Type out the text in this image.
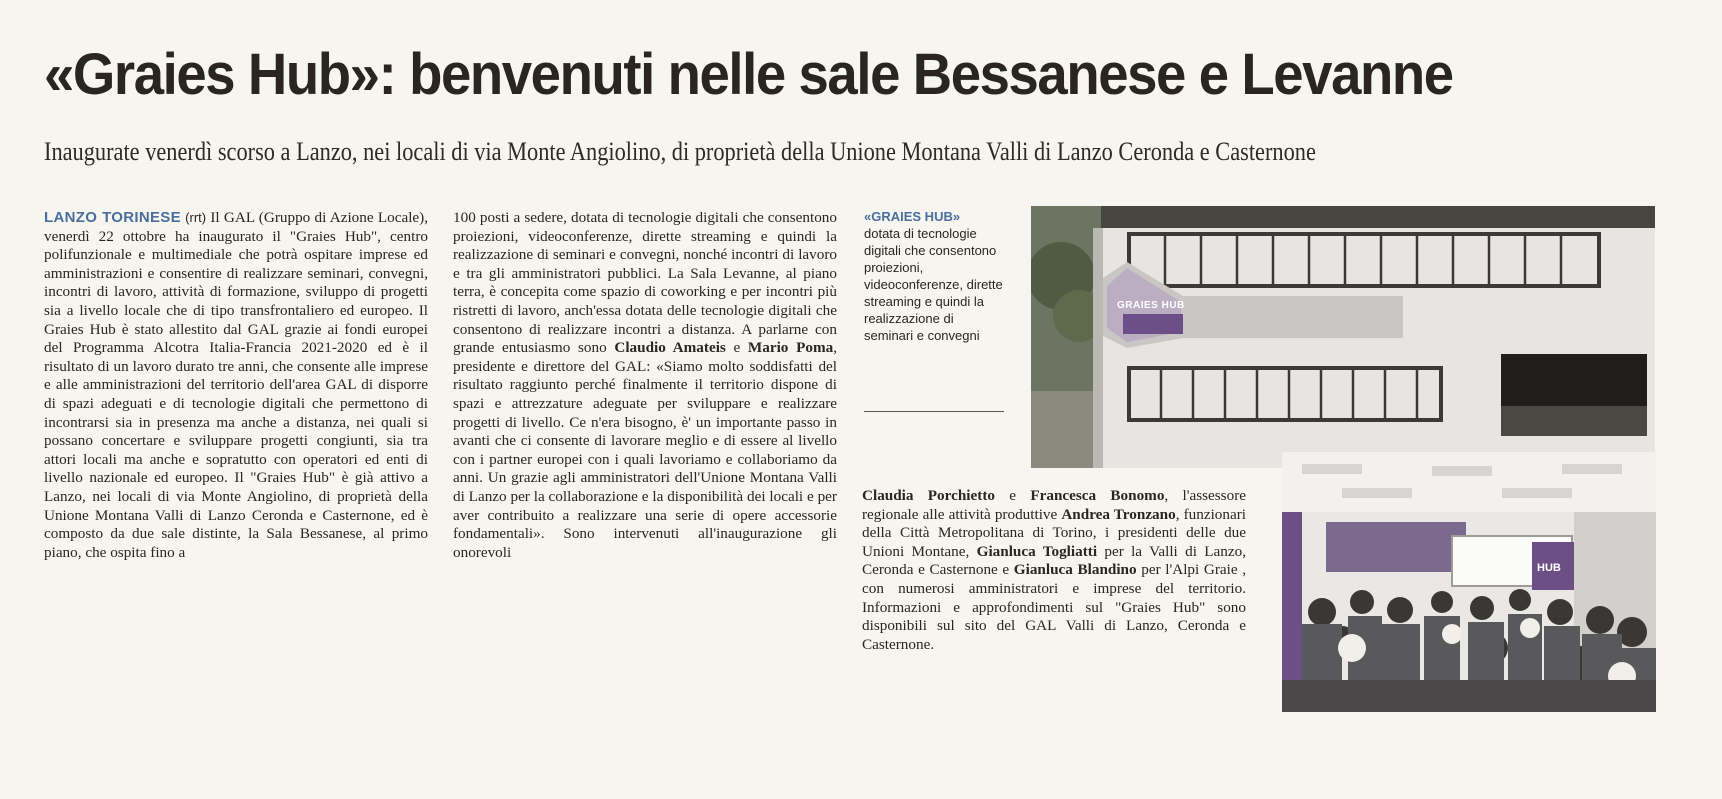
«Graies Hub»: benvenuti nelle sale Bessanese e Levanne

Inaugurate venerdì scorso a Lanzo, nei locali di via Monte Angiolino, di proprietà della Unione Montana Valli di Lanzo Ceronda e Casternone

LANZO TORINESE (rrt) Il GAL (Gruppo di Azione Locale), venerdì 22 ottobre ha inaugurato il "Graies Hub", centro polifunzionale e multimediale che potrà ospitare imprese ed amministrazioni e consentire di realizzare seminari, convegni, incontri di lavoro, attività di formazione, sviluppo di progetti sia a livello locale che di tipo transfrontaliero ed europeo. Il Graies Hub è stato allestito dal GAL grazie ai fondi europei del Programma Alcotra Italia-Francia 2021-2020 ed è il risultato di un lavoro durato tre anni, che consente alle imprese e alle amministrazioni del territorio dell'area GAL di disporre di spazi adeguati e di tecnologie digitali che permettono di incontrarsi sia in presenza ma anche a distanza, nei quali si possano concertare e sviluppare progetti congiunti, sia tra attori locali ma anche e sopratutto con operatori ed enti di livello nazionale ed europeo. Il "Graies Hub" è già attivo a Lanzo, nei locali di via Monte Angiolino, di proprietà della Unione Montana Valli di Lanzo Ceronda e Casternone, ed è composto da due sale distinte, la Sala Bessanese, al primo piano, che ospita fino a

100 posti a sedere, dotata di tecnologie digitali che consentono proiezioni, videoconferenze, dirette streaming e quindi la realizzazione di seminari e convegni, nonché incontri di lavoro e tra gli amministratori pubblici. La Sala Levanne, al piano terra, è concepita come spazio di coworking e per incontri più ristretti di lavoro, anch'essa dotata delle tecnologie digitali che consentono di realizzare incontri a distanza. A parlarne con grande entusiasmo sono Claudio Amateis e Mario Poma, presidente e direttore del GAL: «Siamo molto soddisfatti del risultato raggiunto perché finalmente il territorio dispone di spazi e attrezzature adeguate per sviluppare e realizzare progetti di livello. Ce n'era bisogno, è' un importante passo in avanti che ci consente di lavorare meglio e di essere al livello con i partner europei con i quali lavoriamo e collaboriamo da anni. Un grazie agli amministratori dell'Unione Montana Valli di Lanzo per la collaborazione e la disponibilità dei locali e per aver contribuito a realizzare una serie di opere accessorie fondamentali». Sono intervenuti all'inaugurazione gli onorevoli

«GRAIES HUB»
dotata di tecnologie digitali che consentono proiezioni, videoconferenze, dirette streaming e quindi la realizzazione di seminari e convegni

Claudia Porchietto e Francesca Bonomo, l'assessore regionale alle attività produttive Andrea Tronzano, funzionari della Città Metropolitana di Torino, i presidenti delle due Unioni Montane, Gianluca Togliatti per la Valli di Lanzo, Ceronda e Casternone e Gianluca Blandino per l'Alpi Graie , con numerosi amministratori e imprese del territorio. Informazioni e approfondimenti sul "Graies Hub" sono disponibili sul sito del GAL Valli di Lanzo, Ceronda e Casternone.

GRAIES HUB
HUB
